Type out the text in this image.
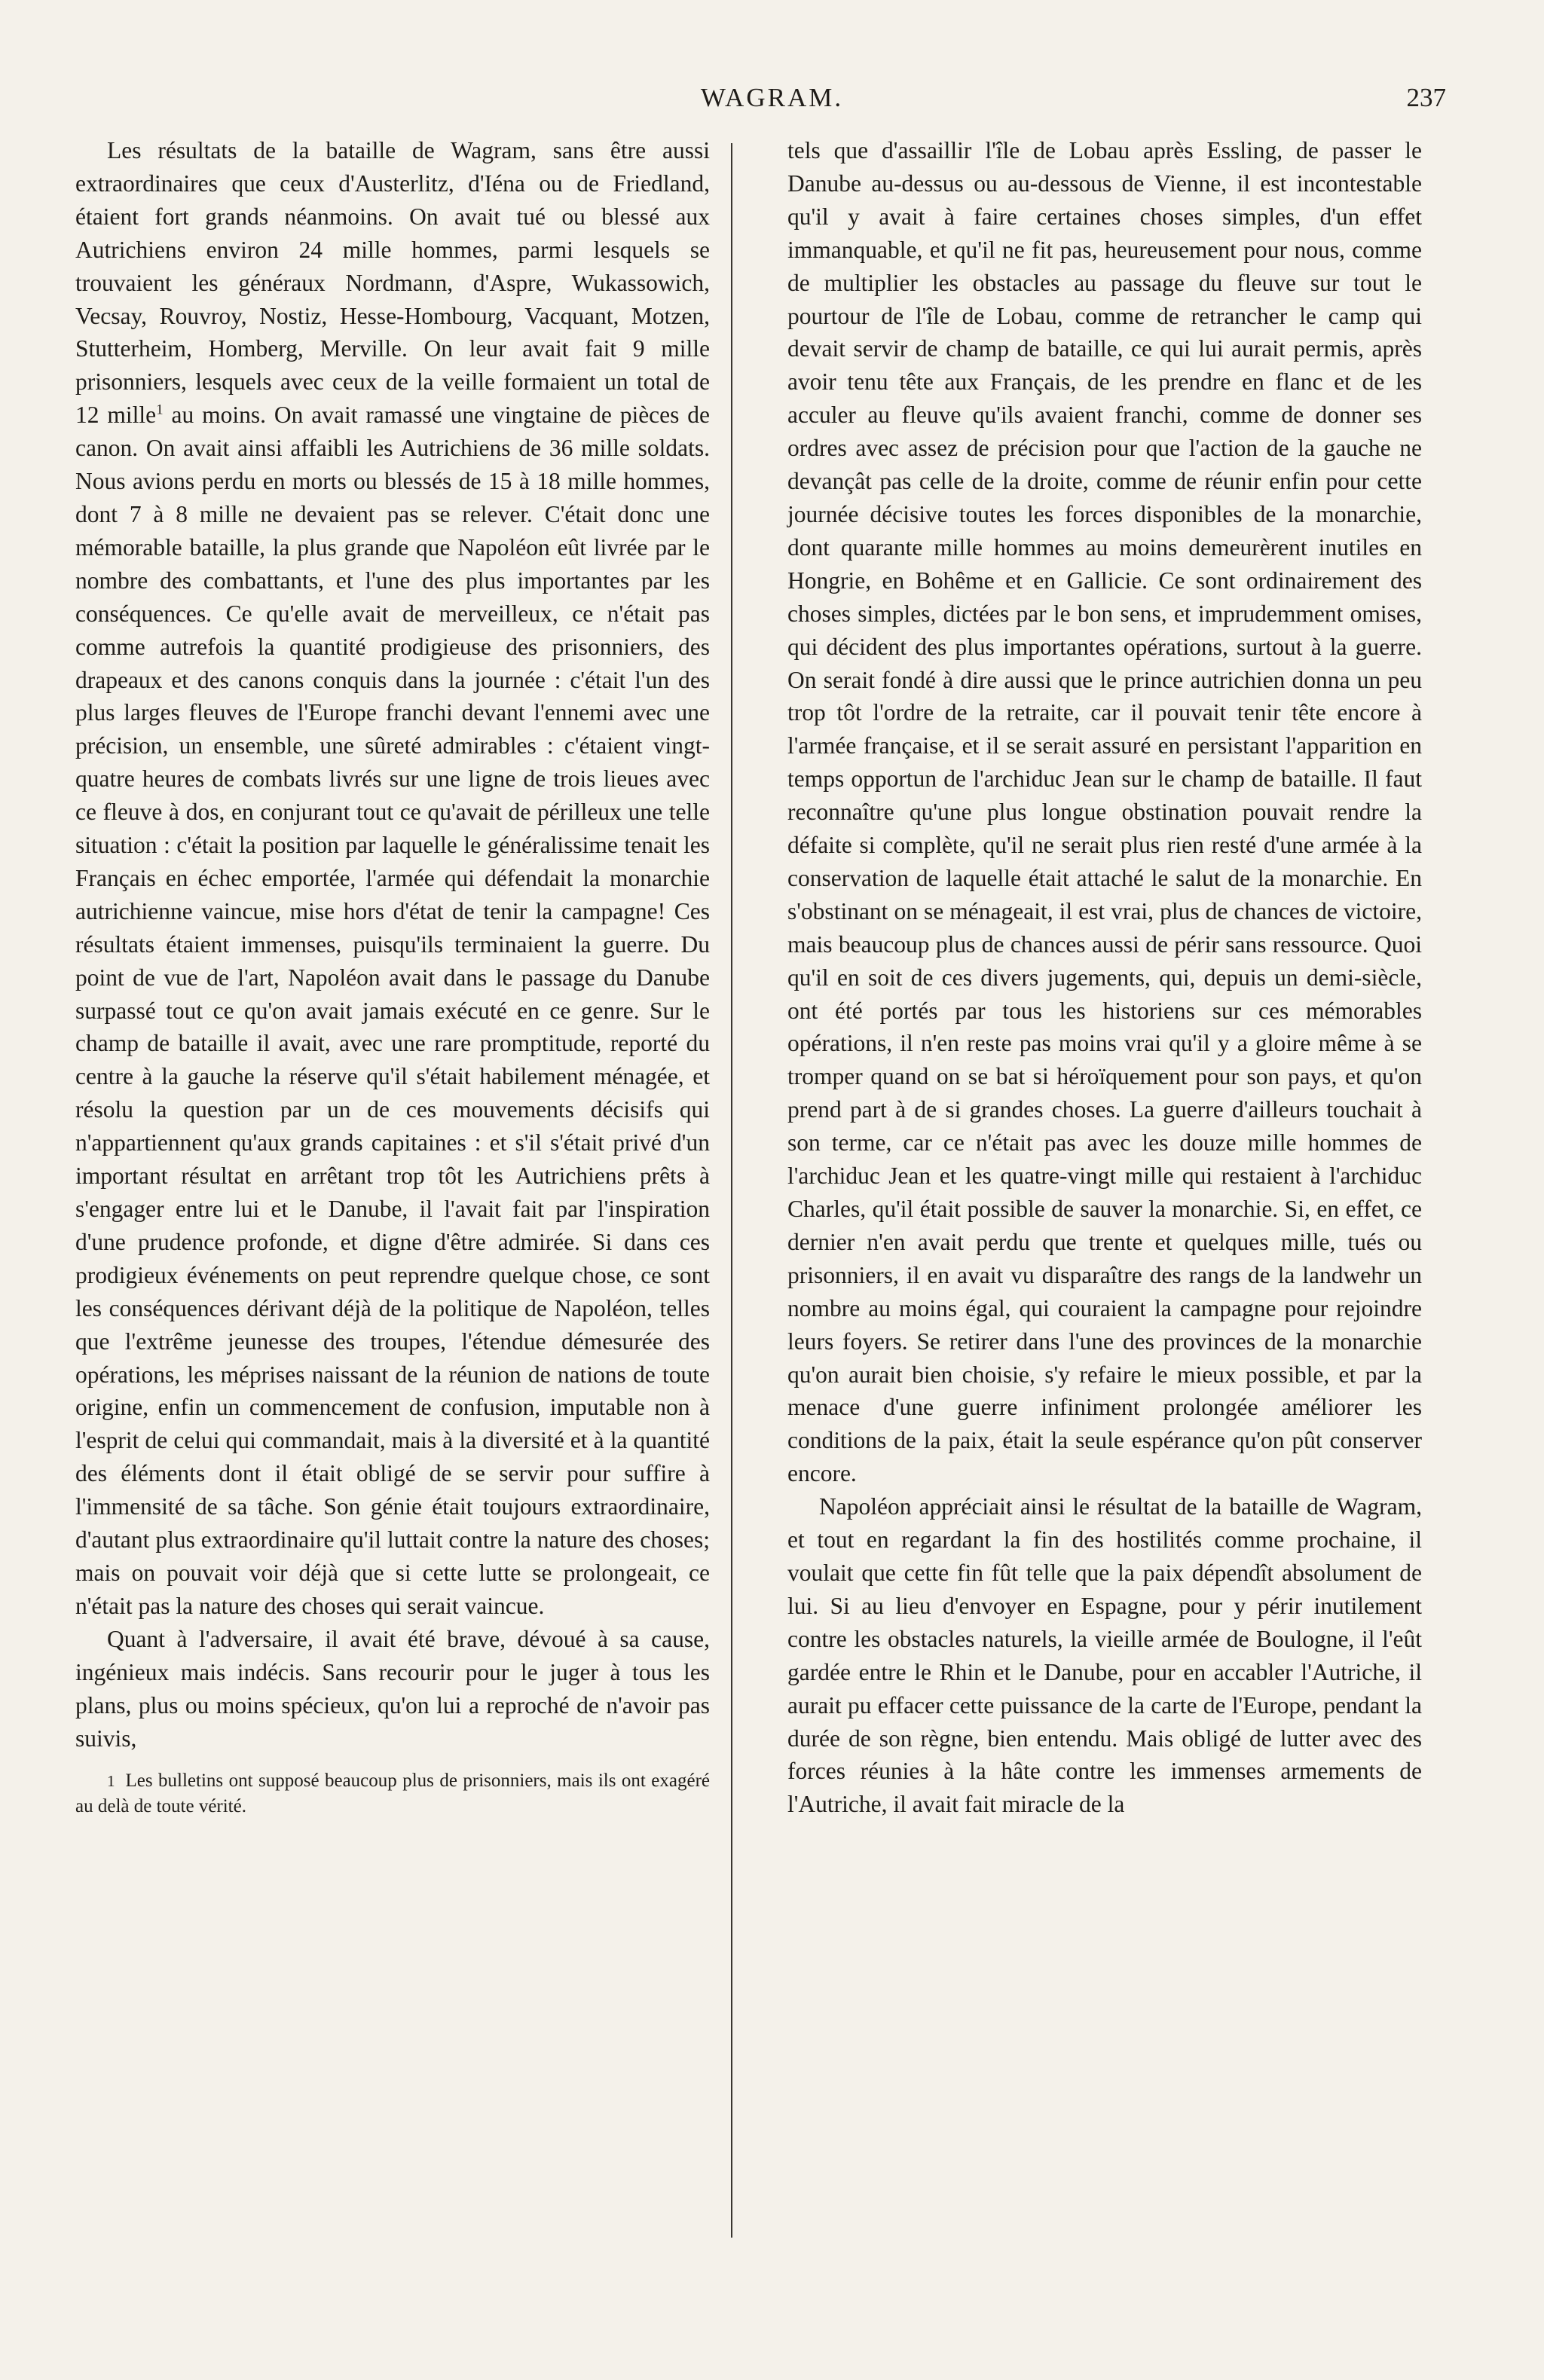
WAGRAM.	237

Les résultats de la bataille de Wagram, sans être aussi extraordinaires que ceux d'Austerlitz, d'Iéna ou de Friedland, étaient fort grands néanmoins. On avait tué ou blessé aux Autrichiens environ 24 mille hommes, parmi lesquels se trouvaient les généraux Nordmann, d'Aspre, Wukassowich, Vecsay, Rouvroy, Nostiz, Hesse-Hombourg, Vacquant, Motzen, Stutterheim, Homberg, Merville. On leur avait fait 9 mille prisonniers, lesquels avec ceux de la veille formaient un total de 12 mille$^1$ au moins. On avait ramassé une vingtaine de pièces de canon. On avait ainsi affaibli les Autrichiens de 36 mille soldats. Nous avions perdu en morts ou blessés de 15 à 18 mille hommes, dont 7 à 8 mille ne devaient pas se relever. C'était donc une mémorable bataille, la plus grande que Napoléon eût livrée par le nombre des combattants, et l'une des plus importantes par les conséquences. Ce qu'elle avait de merveilleux, ce n'était pas comme autrefois la quantité prodigieuse des prisonniers, des drapeaux et des canons conquis dans la journée : c'était l'un des plus larges fleuves de l'Europe franchi devant l'ennemi avec une précision, un ensemble, une sûreté admirables : c'étaient vingt-quatre heures de combats livrés sur une ligne de trois lieues avec ce fleuve à dos, en conjurant tout ce qu'avait de périlleux une telle situation : c'était la position par laquelle le généralissime tenait les Français en échec emportée, l'armée qui défendait la monarchie autrichienne vaincue, mise hors d'état de tenir la campagne! Ces résultats étaient immenses, puisqu'ils terminaient la guerre. Du point de vue de l'art, Napoléon avait dans le passage du Danube surpassé tout ce qu'on avait jamais exécuté en ce genre. Sur le champ de bataille il avait, avec une rare promptitude, reporté du centre à la gauche la réserve qu'il s'était habilement ménagée, et résolu la question par un de ces mouvements décisifs qui n'appartiennent qu'aux grands capitaines : et s'il s'était privé d'un important résultat en arrêtant trop tôt les Autrichiens prêts à s'engager entre lui et le Danube, il l'avait fait par l'inspiration d'une prudence profonde, et digne d'être admirée. Si dans ces prodigieux événements on peut reprendre quelque chose, ce sont les conséquences dérivant déjà de la politique de Napoléon, telles que l'extrême jeunesse des troupes, l'étendue démesurée des opérations, les méprises naissant de la réunion de nations de toute origine, enfin un commencement de confusion, imputable non à l'esprit de celui qui commandait, mais à la diversité et à la quantité des éléments dont il était obligé de se servir pour suffire à l'immensité de sa tâche. Son génie était toujours extraordinaire, d'autant plus extraordinaire qu'il luttait contre la nature des choses; mais on pouvait voir déjà que si cette lutte se prolongeait, ce n'était pas la nature des choses qui serait vaincue.

Quant à l'adversaire, il avait été brave, dévoué à sa cause, ingénieux mais indécis. Sans recourir pour le juger à tous les plans, plus ou moins spécieux, qu'on lui a reproché de n'avoir pas suivis,

1 Les bulletins ont supposé beaucoup plus de prisonniers, mais ils ont exagéré au delà de toute vérité.

tels que d'assaillir l'île de Lobau après Essling, de passer le Danube au-dessus ou au-dessous de Vienne, il est incontestable qu'il y avait à faire certaines choses simples, d'un effet immanquable, et qu'il ne fit pas, heureusement pour nous, comme de multiplier les obstacles au passage du fleuve sur tout le pourtour de l'île de Lobau, comme de retrancher le camp qui devait servir de champ de bataille, ce qui lui aurait permis, après avoir tenu tête aux Français, de les prendre en flanc et de les acculer au fleuve qu'ils avaient franchi, comme de donner ses ordres avec assez de précision pour que l'action de la gauche ne devançât pas celle de la droite, comme de réunir enfin pour cette journée décisive toutes les forces disponibles de la monarchie, dont quarante mille hommes au moins demeurèrent inutiles en Hongrie, en Bohême et en Gallicie. Ce sont ordinairement des choses simples, dictées par le bon sens, et imprudemment omises, qui décident des plus importantes opérations, surtout à la guerre. On serait fondé à dire aussi que le prince autrichien donna un peu trop tôt l'ordre de la retraite, car il pouvait tenir tête encore à l'armée française, et il se serait assuré en persistant l'apparition en temps opportun de l'archiduc Jean sur le champ de bataille. Il faut reconnaître qu'une plus longue obstination pouvait rendre la défaite si complète, qu'il ne serait plus rien resté d'une armée à la conservation de laquelle était attaché le salut de la monarchie. En s'obstinant on se ménageait, il est vrai, plus de chances de victoire, mais beaucoup plus de chances aussi de périr sans ressource. Quoi qu'il en soit de ces divers jugements, qui, depuis un demi-siècle, ont été portés par tous les historiens sur ces mémorables opérations, il n'en reste pas moins vrai qu'il y a gloire même à se tromper quand on se bat si héroïquement pour son pays, et qu'on prend part à de si grandes choses. La guerre d'ailleurs touchait à son terme, car ce n'était pas avec les douze mille hommes de l'archiduc Jean et les quatre-vingt mille qui restaient à l'archiduc Charles, qu'il était possible de sauver la monarchie. Si, en effet, ce dernier n'en avait perdu que trente et quelques mille, tués ou prisonniers, il en avait vu disparaître des rangs de la landwehr un nombre au moins égal, qui couraient la campagne pour rejoindre leurs foyers. Se retirer dans l'une des provinces de la monarchie qu'on aurait bien choisie, s'y refaire le mieux possible, et par la menace d'une guerre infiniment prolongée améliorer les conditions de la paix, était la seule espérance qu'on pût conserver encore.

Napoléon appréciait ainsi le résultat de la bataille de Wagram, et tout en regardant la fin des hostilités comme prochaine, il voulait que cette fin fût telle que la paix dépendît absolument de lui. Si au lieu d'envoyer en Espagne, pour y périr inutilement contre les obstacles naturels, la vieille armée de Boulogne, il l'eût gardée entre le Rhin et le Danube, pour en accabler l'Autriche, il aurait pu effacer cette puissance de la carte de l'Europe, pendant la durée de son règne, bien entendu. Mais obligé de lutter avec des forces réunies à la hâte contre les immenses armements de l'Autriche, il avait fait miracle de la
